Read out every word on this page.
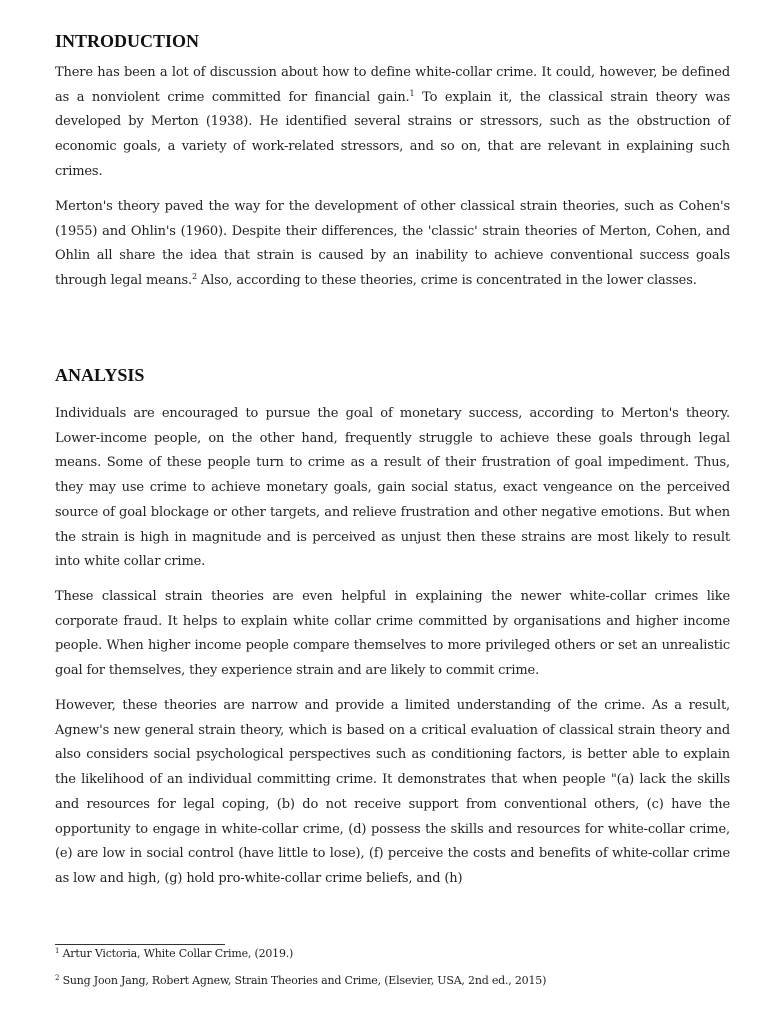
INTRODUCTION

There has been a lot of discussion about how to define white-collar crime. It could, however, be defined as a nonviolent crime committed for financial gain.$^1$ To explain it, the classical strain theory was developed by Merton (1938). He identified several strains or stressors, such as the obstruction of economic goals, a variety of work-related stressors, and so on, that are relevant in explaining such crimes.

Merton's theory paved the way for the development of other classical strain theories, such as Cohen's (1955) and Ohlin's (1960). Despite their differences, the 'classic' strain theories of Merton, Cohen, and Ohlin all share the idea that strain is caused by an inability to achieve conventional success goals through legal means.$^2$ Also, according to these theories, crime is concentrated in the lower classes.

ANALYSIS

Individuals are encouraged to pursue the goal of monetary success, according to Merton's theory. Lower-income people, on the other hand, frequently struggle to achieve these goals through legal means. Some of these people turn to crime as a result of their frustration of goal impediment. Thus, they may use crime to achieve monetary goals, gain social status, exact vengeance on the perceived source of goal blockage or other targets, and relieve frustration and other negative emotions. But when the strain is high in magnitude and is perceived as unjust then these strains are most likely to result into white collar crime.

These classical strain theories are even helpful in explaining the newer white-collar crimes like corporate fraud. It helps to explain white collar crime committed by organisations and higher income people. When higher income people compare themselves to more privileged others or set an unrealistic goal for themselves, they experience strain and are likely to commit crime.

However, these theories are narrow and provide a limited understanding of the crime. As a result, Agnew's new general strain theory, which is based on a critical evaluation of classical strain theory and also considers social psychological perspectives such as conditioning factors, is better able to explain the likelihood of an individual committing crime. It demonstrates that when people "(a) lack the skills and resources for legal coping, (b) do not receive support from conventional others, (c) have the opportunity to engage in white-collar crime, (d) possess the skills and resources for white-collar crime, (e) are low in social control (have little to lose), (f) perceive the costs and benefits of white-collar crime as low and high, (g) hold pro-white-collar crime beliefs, and (h)

$^1$ Artur Victoria, White Collar Crime, (2019.)

$^2$ Sung Joon Jang, Robert Agnew, Strain Theories and Crime, (Elsevier, USA, 2nd ed., 2015)
